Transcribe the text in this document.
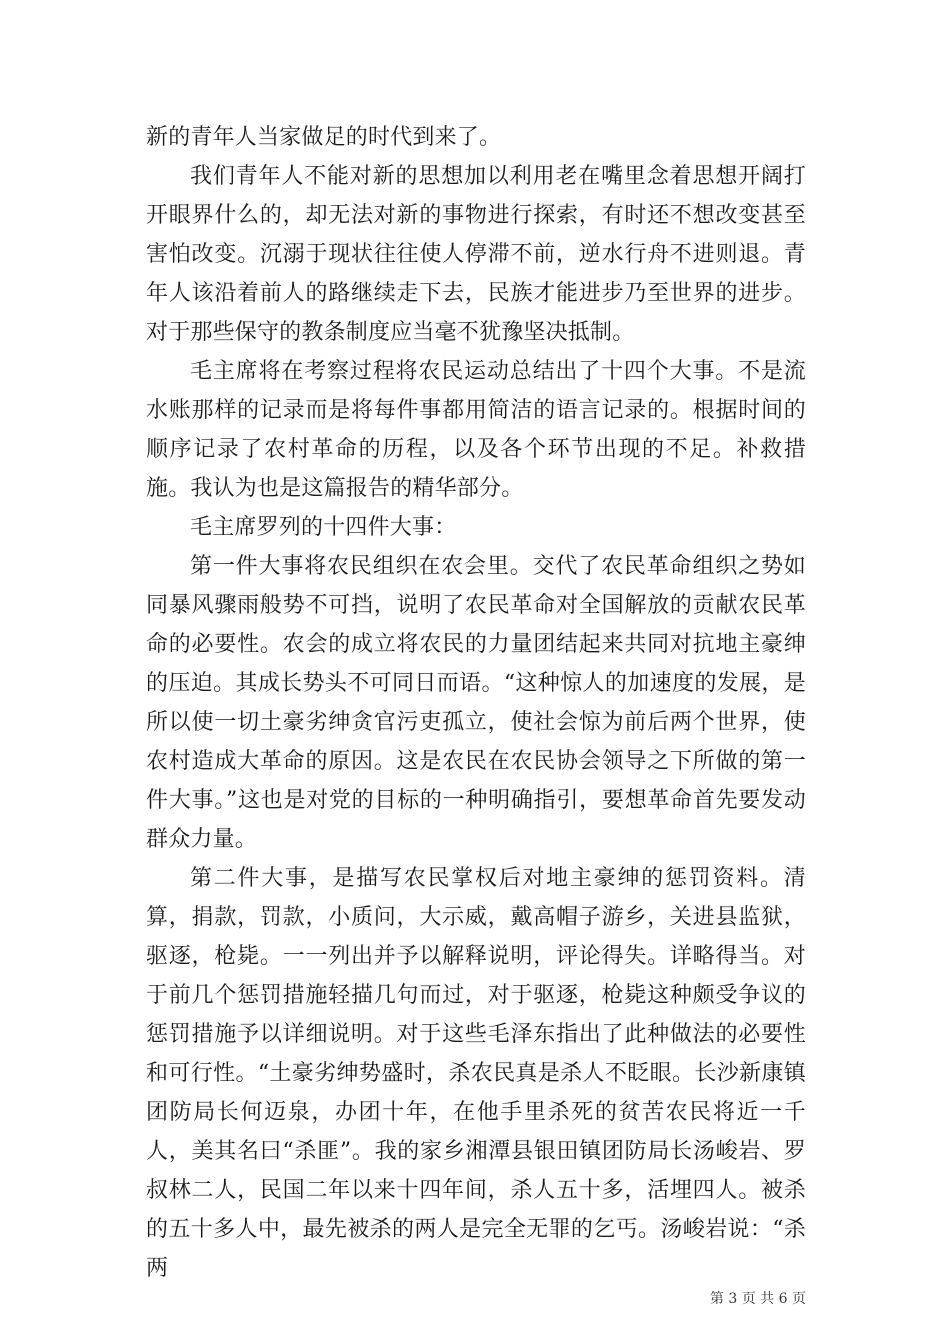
新的青年人当家做足的时代到来了。

我们青年人不能对新的思想加以利用老在嘴里念着思想开阔打开眼界什么的，却无法对新的事物进行探索，有时还不想改变甚至害怕改变。沉溺于现状往往使人停滞不前，逆水行舟不进则退。青年人该沿着前人的路继续走下去，民族才能进步乃至世界的进步。对于那些保守的教条制度应当毫不犹豫坚决抵制。

毛主席将在考察过程将农民运动总结出了十四个大事。不是流水账那样的记录而是将每件事都用简洁的语言记录的。根据时间的顺序记录了农村革命的历程，以及各个环节出现的不足。补救措施。我认为也是这篇报告的精华部分。

毛主席罗列的十四件大事：

第一件大事将农民组织在农会里。交代了农民革命组织之势如同暴风骤雨般势不可挡，说明了农民革命对全国解放的贡献农民革命的必要性。农会的成立将农民的力量团结起来共同对抗地主豪绅的压迫。其成长势头不可同日而语。“这种惊人的加速度的发展，是所以使一切土豪劣绅贪官污吏孤立，使社会惊为前后两个世界，使农村造成大革命的原因。这是农民在农民协会领导之下所做的第一件大事。”这也是对党的目标的一种明确指引，要想革命首先要发动群众力量。

第二件大事，是描写农民掌权后对地主豪绅的惩罚资料。清算，捐款，罚款，小质问，大示威，戴高帽子游乡，关进县监狱，驱逐，枪毙。一一列出并予以解释说明，评论得失。详略得当。对于前几个惩罚措施轻描几句而过，对于驱逐，枪毙这种颇受争议的惩罚措施予以详细说明。对于这些毛泽东指出了此种做法的必要性和可行性。“土豪劣绅势盛时，杀农民真是杀人不眨眼。长沙新康镇团防局长何迈泉，办团十年，在他手里杀死的贫苦农民将近一千人，美其名曰“杀匪”。我的家乡湘潭县银田镇团防局长汤峻岩、罗叔林二人，民国二年以来十四年间，杀人五十多，活埋四人。被杀的五十多人中，最先被杀的两人是完全无罪的乞丐。汤峻岩说：“杀两

第 3 页 共 6 页
